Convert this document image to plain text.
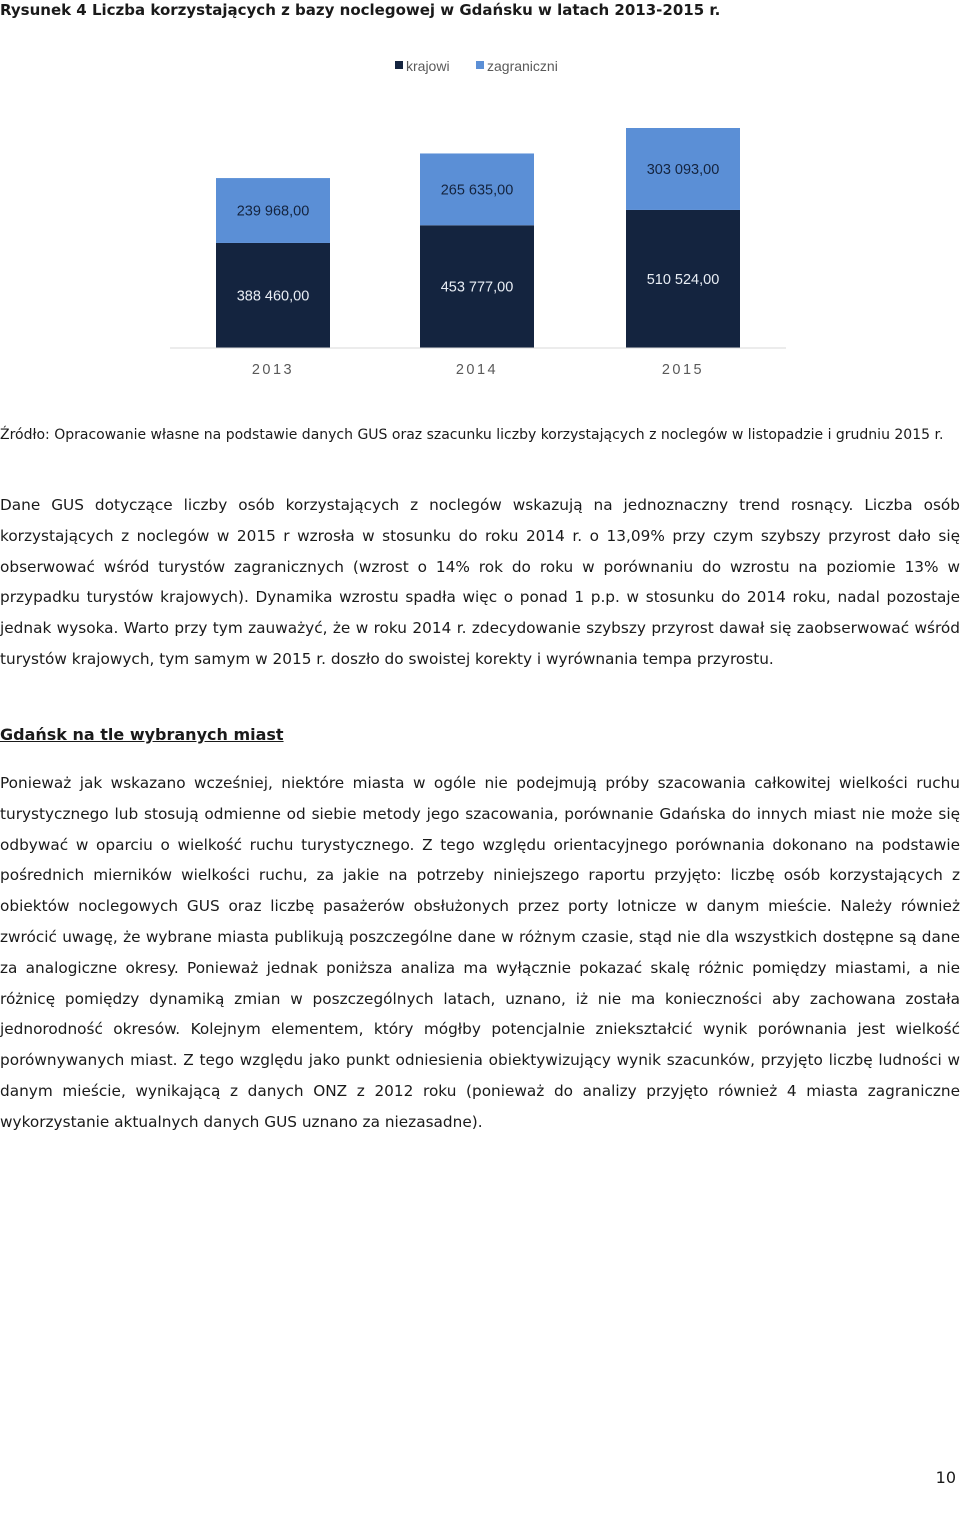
Rysunek 4 Liczba korzystających z bazy noclegowej w Gdańsku w latach 2013-2015 r.
krajowi	zagraniczni
388 460,00
239 968,00
453 777,00
265 635,00
510 524,00
303 093,00
2013	2014	2015
Źródło: Opracowanie własne na podstawie danych GUS oraz szacunku liczby korzystających z noclegów w listopadzie i grudniu 2015 r.

Dane GUS dotyczące liczby osób korzystających z noclegów wskazują na jednoznaczny trend rosnący. Liczba osób korzystających z noclegów w 2015 r wzrosła w stosunku do roku 2014 r. o 13,09% przy czym szybszy przyrost dało się obserwować wśród turystów zagranicznych (wzrost o 14% rok do roku w porównaniu do wzrostu na poziomie 13% w przypadku turystów krajowych). Dynamika wzrostu spadła więc o ponad 1 p.p. w stosunku do 2014 roku, nadal pozostaje jednak wysoka. Warto przy tym zauważyć, że w roku 2014 r. zdecydowanie szybszy przyrost dawał się zaobserwować wśród turystów krajowych, tym samym w 2015 r. doszło do swoistej korekty i wyrównania tempa przyrostu.

Gdańsk na tle wybranych miast

Ponieważ jak wskazano wcześniej, niektóre miasta w ogóle nie podejmują próby szacowania całkowitej wielkości ruchu turystycznego lub stosują odmienne od siebie metody jego szacowania, porównanie Gdańska do innych miast nie może się odbywać w oparciu o wielkość ruchu turystycznego. Z tego względu orientacyjnego porównania dokonano na podstawie pośrednich mierników wielkości ruchu, za jakie na potrzeby niniejszego raportu przyjęto: liczbę osób korzystających z obiektów noclegowych GUS oraz liczbę pasażerów obsłużonych przez porty lotnicze w danym mieście. Należy również zwrócić uwagę, że wybrane miasta publikują poszczególne dane w różnym czasie, stąd nie dla wszystkich dostępne są dane za analogiczne okresy. Ponieważ jednak poniższa analiza ma wyłącznie pokazać skalę różnic pomiędzy miastami, a nie różnicę pomiędzy dynamiką zmian w poszczególnych latach, uznano, iż nie ma konieczności aby zachowana została jednorodność okresów. Kolejnym elementem, który mógłby potencjalnie zniekształcić wynik porównania jest wielkość porównywanych miast. Z tego względu jako punkt odniesienia obiektywizujący wynik szacunków, przyjęto liczbę ludności w danym mieście, wynikającą z danych ONZ z 2012 roku (ponieważ do analizy przyjęto również 4 miasta zagraniczne wykorzystanie aktualnych danych GUS uznano za niezasadne).

10
